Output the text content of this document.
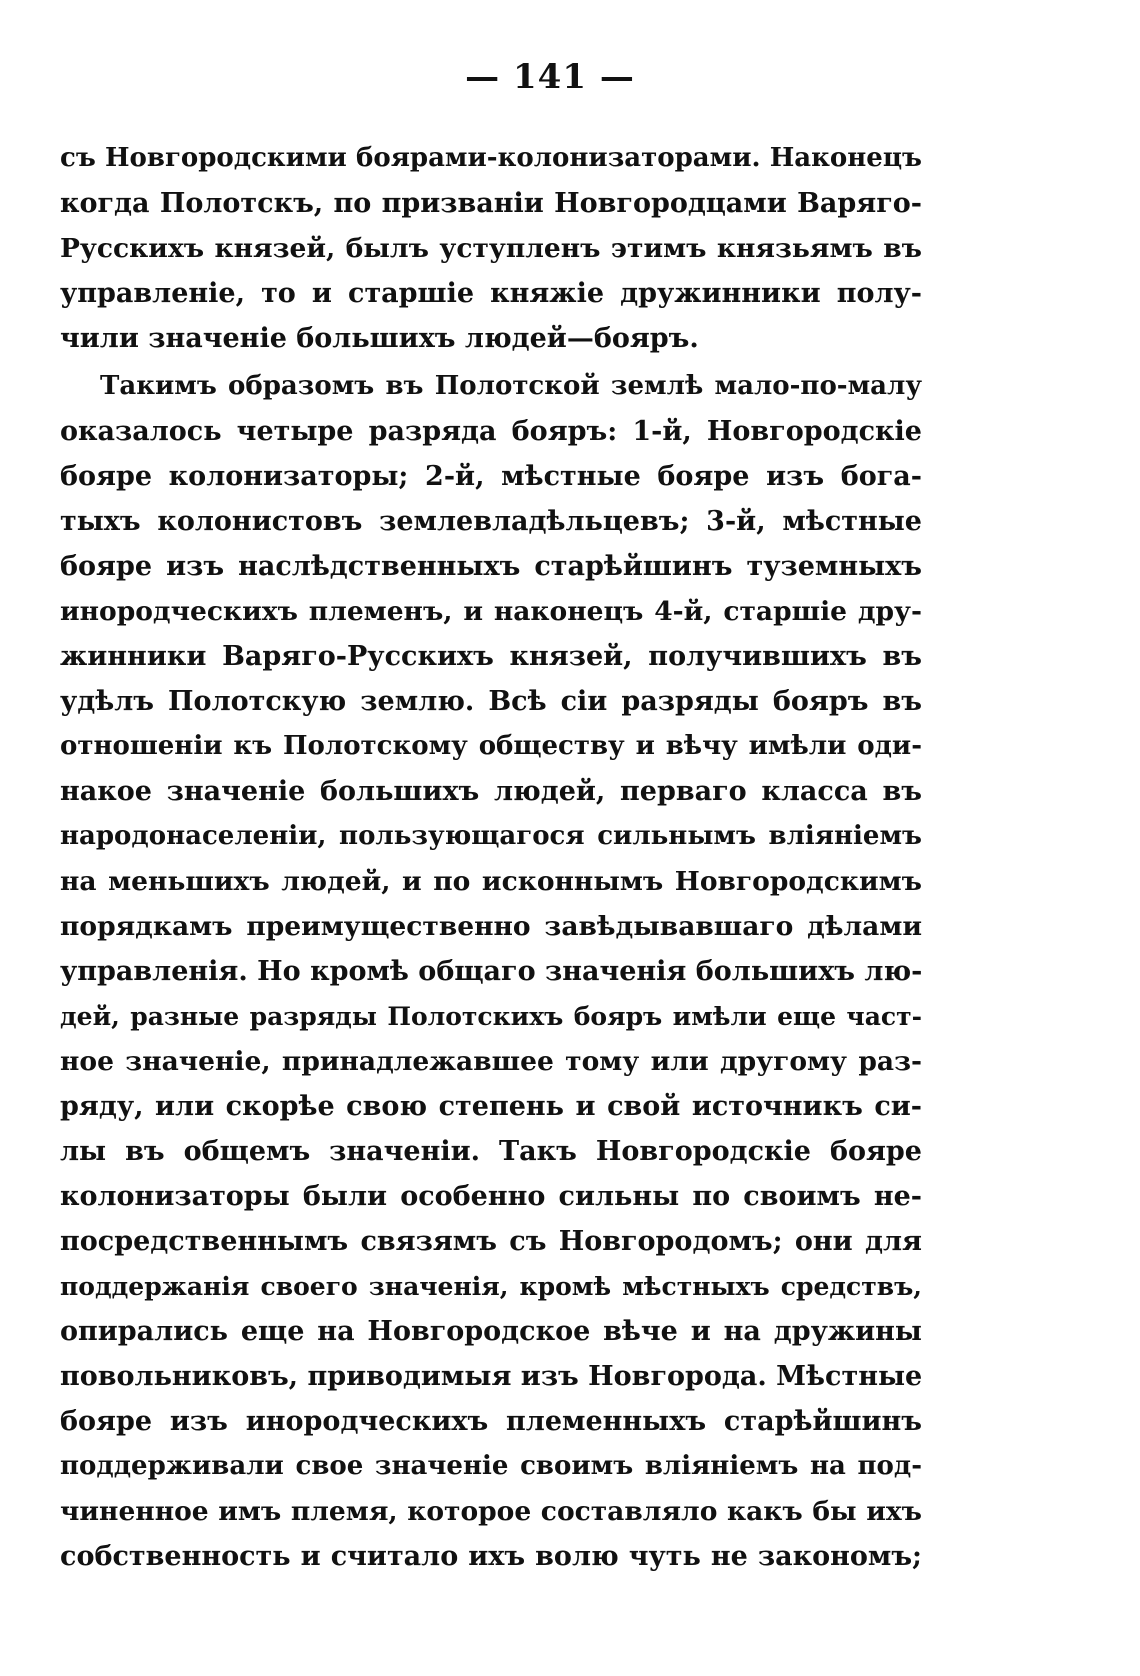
— 141 —
съ Новгородскими боярами-колонизаторами. Наконецъ
когда Полотскъ, по призваніи Новгородцами Варяго-
Русскихъ князей, былъ уступленъ этимъ князьямъ въ
управленіе, то и старшіе княжіе дружинники полу-
чили значеніе большихъ людей—бояръ.
Такимъ образомъ въ Полотской землѣ мало-по-малу
оказалось четыре разряда бояръ: 1-й, Новгородскіе
бояре колонизаторы; 2-й, мѣстные бояре изъ бога-
тыхъ колонистовъ землевладѣльцевъ; 3-й, мѣстные
бояре изъ наслѣдственныхъ старѣйшинъ туземныхъ
инородческихъ племенъ, и наконецъ 4-й, старшіе дру-
жинники Варяго-Русскихъ князей, получившихъ въ
удѣлъ Полотскую землю. Всѣ сіи разряды бояръ въ
отношеніи къ Полотскому обществу и вѣчу имѣли оди-
накое значеніе большихъ людей, перваго класса въ
народонаселеніи, пользующагося сильнымъ вліяніемъ
на меньшихъ людей, и по исконнымъ Новгородскимъ
порядкамъ преимущественно завѣдывавшаго дѣлами
управленія. Но кромѣ общаго значенія большихъ лю-
дей, разные разряды Полотскихъ бояръ имѣли еще част-
ное значеніе, принадлежавшее тому или другому раз-
ряду, или скорѣе свою степень и свой источникъ си-
лы въ общемъ значеніи. Такъ Новгородскіе бояре
колонизаторы были особенно сильны по своимъ не-
посредственнымъ связямъ съ Новгородомъ; они для
поддержанія своего значенія, кромѣ мѣстныхъ средствъ,
опирались еще на Новгородское вѣче и на дружины
повольниковъ, приводимыя изъ Новгорода. Мѣстные
бояре изъ инородческихъ племенныхъ старѣйшинъ
поддерживали свое значеніе своимъ вліяніемъ на под-
чиненное имъ племя, которое составляло какъ бы ихъ
собственность и считало ихъ волю чуть не закономъ;
